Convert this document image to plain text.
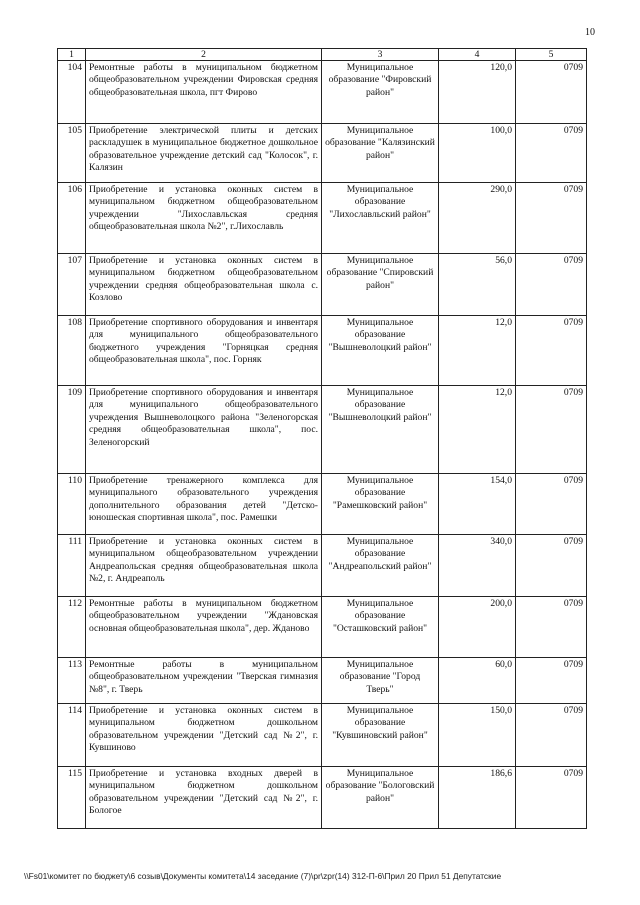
10
1	2	3	4	5
104	Ремонтные работы в муниципальном бюджетном общеобразовательном учреждении Фировская средняя общеобразовательная школа, пгт Фирово	Муниципальное образование "Фировский район"	120,0	0709
105	Приобретение электрической плиты и детских раскладушек в муниципальное бюджетное дошкольное образовательное учреждение детский сад "Колосок", г. Калязин	Муниципальное образование "Калязинский район"	100,0	0709
106	Приобретение и установка оконных систем в муниципальном бюджетном общеобразовательном учреждении "Лихославльская средняя общеобразовательная школа №2", г.Лихославль	Муниципальное образование "Лихославльский район"	290,0	0709
107	Приобретение и установка оконных систем в муниципальном бюджетном общеобразовательном учреждении средняя общеобразовательная школа с. Козлово	Муниципальное образование "Спировский район"	56,0	0709
108	Приобретение спортивного оборудования и инвентаря для муниципального общеобразовательного бюджетного учреждения "Горняцкая средняя общеобразовательная школа", пос. Горняк	Муниципальное образование "Вышневолоцкий район"	12,0	0709
109	Приобретение спортивного оборудования и инвентаря для муниципального общеобразовательного учреждения Вышневолоцкого района "Зеленогорская средняя общеобразовательная школа", пос. Зеленогорский	Муниципальное образование "Вышневолоцкий район"	12,0	0709
110	Приобретение тренажерного комплекса для муниципального образовательного учреждения дополнительного образования детей "Детско-юношеская спортивная школа", пос. Рамешки	Муниципальное образование "Рамешковский район"	154,0	0709
111	Приобретение и установка оконных систем в муниципальном общеобразовательном учреждении Андреапольская средняя общеобразовательная школа №2, г. Андреаполь	Муниципальное образование "Андреапольский район"	340,0	0709
112	Ремонтные работы в муниципальном бюджетном общеобразовательном учреждении "Ждановская основная общеобразовательная школа", дер. Жданово	Муниципальное образование "Осташковский район"	200,0	0709
113	Ремонтные работы в муниципальном общеобразовательном учреждении "Тверская гимназия №8", г. Тверь	Муниципальное образование "Город Тверь"	60,0	0709
114	Приобретение и установка оконных систем в муниципальном бюджетном дошкольном образовательном учреждении "Детский сад №2", г. Кувшиново	Муниципальное образование "Кувшиновский район"	150,0	0709
115	Приобретение и установка входных дверей в муниципальном бюджетном дошкольном образовательном учреждении "Детский сад №2", г. Бологое	Муниципальное образование "Бологовский район"	186,6	0709
\\Fs01\комитет по бюджету\6 созыв\Документы комитета\14 заседание (7)\pr\zpr(14) 312-П-6\Прил 20 Прил 51 Депутатские
